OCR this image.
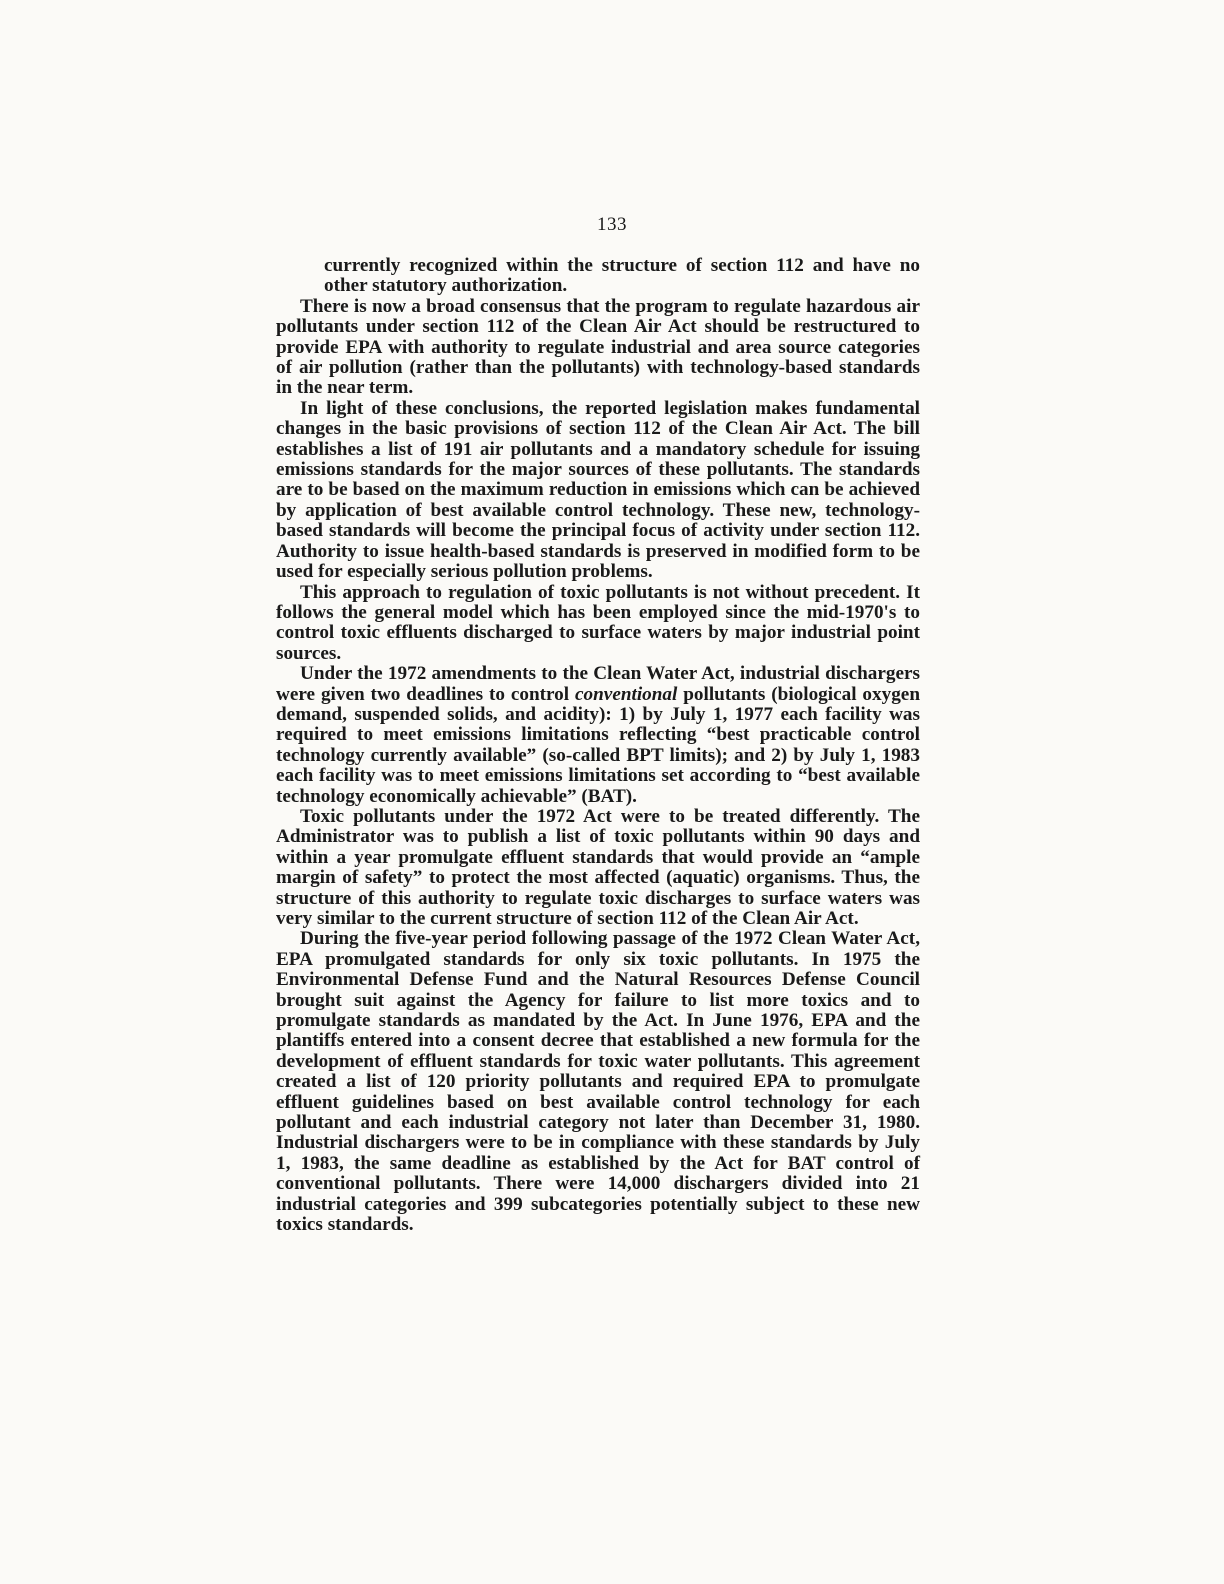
133

currently recognized within the structure of section 112 and have no other statutory authorization.

There is now a broad consensus that the program to regulate hazardous air pollutants under section 112 of the Clean Air Act should be restructured to provide EPA with authority to regulate industrial and area source categories of air pollution (rather than the pollutants) with technology-based standards in the near term.

In light of these conclusions, the reported legislation makes fundamental changes in the basic provisions of section 112 of the Clean Air Act. The bill establishes a list of 191 air pollutants and a mandatory schedule for issuing emissions standards for the major sources of these pollutants. The standards are to be based on the maximum reduction in emissions which can be achieved by application of best available control technology. These new, technology-based standards will become the principal focus of activity under section 112. Authority to issue health-based standards is preserved in modified form to be used for especially serious pollution problems.

This approach to regulation of toxic pollutants is not without precedent. It follows the general model which has been employed since the mid-1970's to control toxic effluents discharged to surface waters by major industrial point sources.

Under the 1972 amendments to the Clean Water Act, industrial dischargers were given two deadlines to control conventional pollutants (biological oxygen demand, suspended solids, and acidity): 1) by July 1, 1977 each facility was required to meet emissions limitations reflecting “best practicable control technology currently available” (so-called BPT limits); and 2) by July 1, 1983 each facility was to meet emissions limitations set according to “best available technology economically achievable” (BAT).

Toxic pollutants under the 1972 Act were to be treated differently. The Administrator was to publish a list of toxic pollutants within 90 days and within a year promulgate effluent standards that would provide an “ample margin of safety” to protect the most affected (aquatic) organisms. Thus, the structure of this authority to regulate toxic discharges to surface waters was very similar to the current structure of section 112 of the Clean Air Act.

During the five-year period following passage of the 1972 Clean Water Act, EPA promulgated standards for only six toxic pollutants. In 1975 the Environmental Defense Fund and the Natural Resources Defense Council brought suit against the Agency for failure to list more toxics and to promulgate standards as mandated by the Act. In June 1976, EPA and the plantiffs entered into a consent decree that established a new formula for the development of effluent standards for toxic water pollutants. This agreement created a list of 120 priority pollutants and required EPA to promulgate effluent guidelines based on best available control technology for each pollutant and each industrial category not later than December 31, 1980. Industrial dischargers were to be in compliance with these standards by July 1, 1983, the same deadline as established by the Act for BAT control of conventional pollutants. There were 14,000 dischargers divided into 21 industrial categories and 399 subcategories potentially subject to these new toxics standards.
